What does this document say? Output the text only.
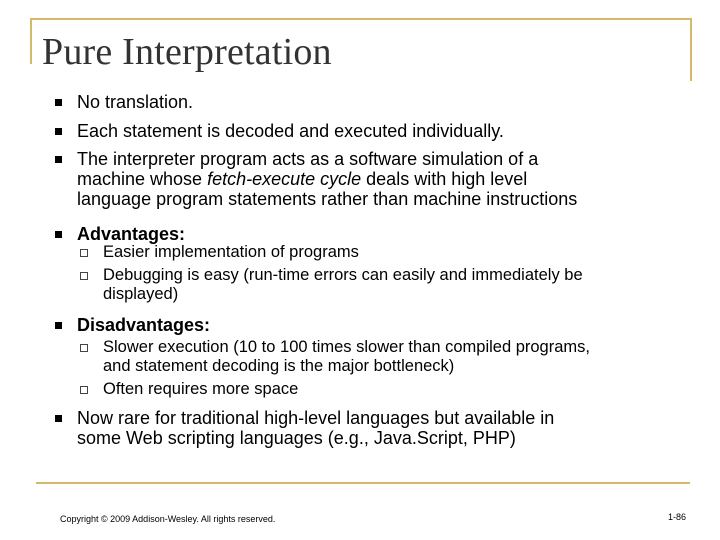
Pure Interpretation
No translation.
Each statement is decoded and executed individually.
The interpreter program acts as a software simulation of a
machine whose fetch-execute cycle deals with high level
language program statements rather than machine instructions
Advantages:
Easier implementation of programs
Debugging is easy (run-time errors can easily and immediately be
displayed)
Disadvantages:
Slower execution (10 to 100 times slower than compiled programs,
and statement decoding is the major bottleneck)
Often requires more space
Now rare for traditional high-level languages but available in
some Web scripting languages (e.g., Java.Script, PHP)
Copyright © 2009 Addison-Wesley. All rights reserved.	1-86
